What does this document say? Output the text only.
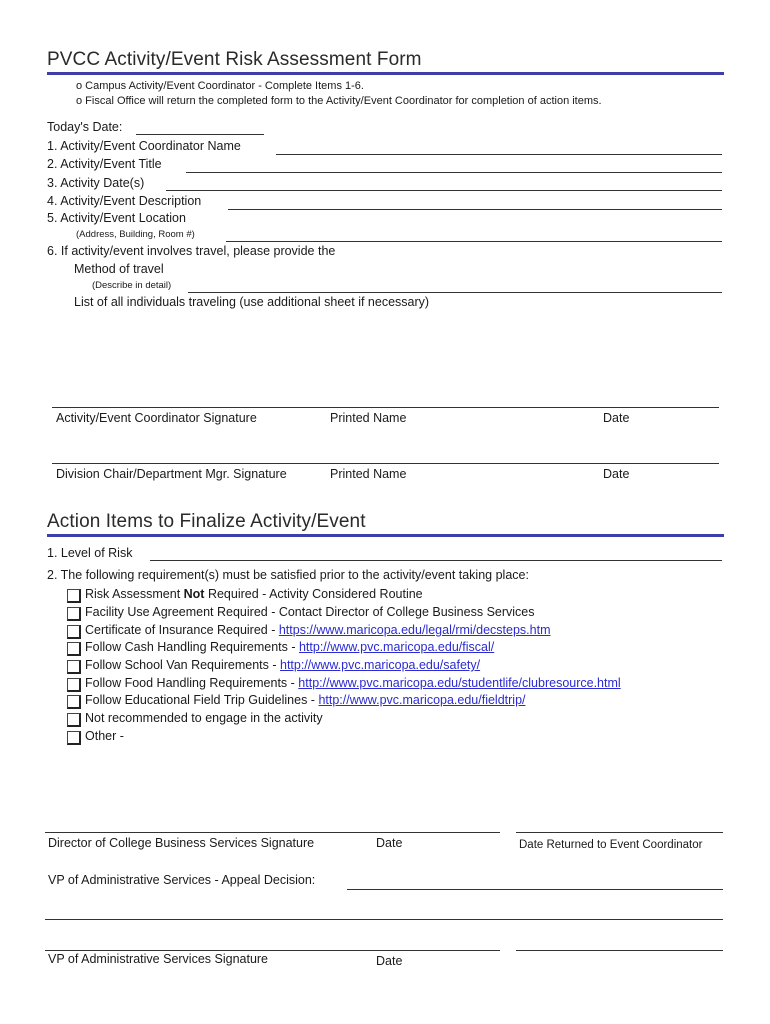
PVCC Activity/Event Risk Assessment Form
o Campus Activity/Event Coordinator - Complete Items 1-6.
o Fiscal Office will return the completed form to the Activity/Event Coordinator for completion of action items.
Today's Date:
1. Activity/Event Coordinator Name
2. Activity/Event Title
3. Activity Date(s)
4. Activity/Event Description
5. Activity/Event Location
(Address, Building, Room #)
6. If activity/event involves travel, please provide the
Method of travel
(Describe in detail)
List of all individuals traveling (use additional sheet if necessary)
Activity/Event Coordinator Signature	Printed Name	Date
Division Chair/Department Mgr. Signature	Printed Name	Date
Action Items to Finalize Activity/Event
1. Level of Risk
2. The following requirement(s) must be satisfied prior to the activity/event taking place:
Risk Assessment Not Required - Activity Considered Routine
Facility Use Agreement Required - Contact Director of College Business Services
Certificate of Insurance Required - https://www.maricopa.edu/legal/rmi/decsteps.htm
Follow Cash Handling Requirements - http://www.pvc.maricopa.edu/fiscal/
Follow School Van Requirements - http://www.pvc.maricopa.edu/safety/
Follow Food Handling Requirements - http://www.pvc.maricopa.edu/studentlife/clubresource.html
Follow Educational Field Trip Guidelines - http://www.pvc.maricopa.edu/fieldtrip/
Not recommended to engage in the activity
Other -
Director of College Business Services Signature	Date	Date Returned to Event Coordinator
VP of Administrative Services - Appeal Decision:
VP of Administrative Services Signature	Date
